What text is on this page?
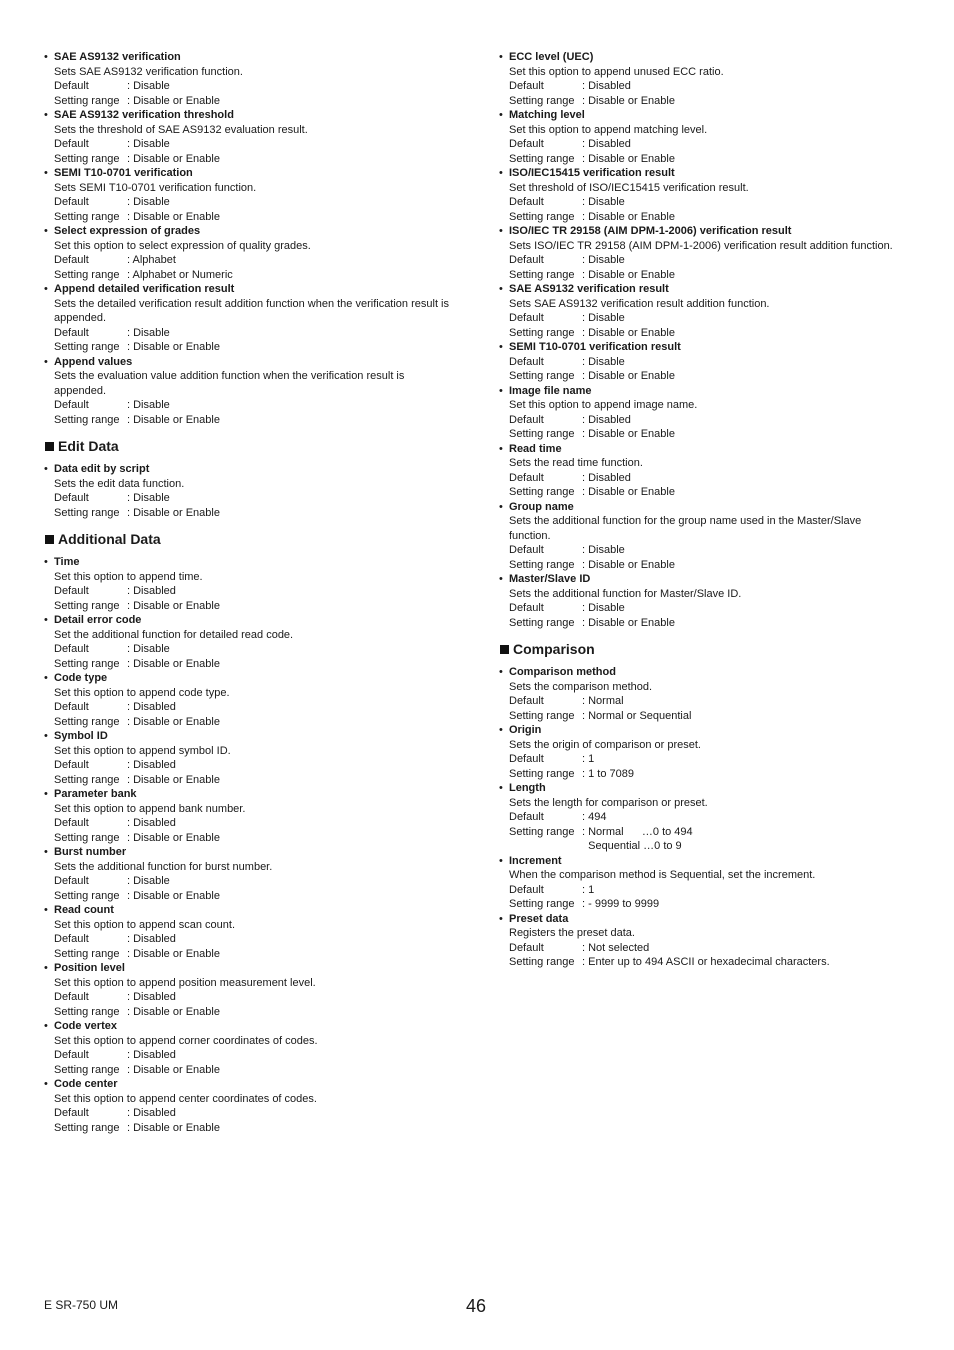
• SAE AS9132 verification
Sets SAE AS9132 verification function.
Default	: Disable
Setting range : Disable or Enable
• SAE AS9132 verification threshold
Sets the threshold of SAE AS9132 evaluation result.
Default	: Disable
Setting range : Disable or Enable
• SEMI T10-0701 verification
Sets SEMI T10-0701 verification function.
Default	: Disable
Setting range : Disable or Enable
• Select expression of grades
Set this option to select expression of quality grades.
Default	: Alphabet
Setting range : Alphabet or Numeric
• Append detailed verification result
Sets the detailed verification result addition function when the verification result is
appended.
Default	: Disable
Setting range : Disable or Enable
• Append values
Sets the evaluation value addition function when the verification result is
appended.
Default	: Disable
Setting range : Disable or Enable
Edit Data
• Data edit by script
Sets the edit data function.
Default	: Disable
Setting range : Disable or Enable
Additional Data
• Time
Set this option to append time.
Default	: Disabled
Setting range : Disable or Enable
• Detail error code
Set the additional function for detailed read code.
Default	: Disable
Setting range : Disable or Enable
• Code type
Set this option to append code type.
Default	: Disabled
Setting range : Disable or Enable
• Symbol ID
Set this option to append symbol ID.
Default	: Disabled
Setting range : Disable or Enable
• Parameter bank
Set this option to append bank number.
Default	: Disabled
Setting range : Disable or Enable
• Burst number
Sets the additional function for burst number.
Default	: Disable
Setting range : Disable or Enable
• Read count
Set this option to append scan count.
Default	: Disabled
Setting range : Disable or Enable
• Position level
Set this option to append position measurement level.
Default	: Disabled
Setting range : Disable or Enable
• Code vertex
Set this option to append corner coordinates of codes.
Default	: Disabled
Setting range : Disable or Enable
• Code center
Set this option to append center coordinates of codes.
Default	: Disabled
Setting range : Disable or Enable
• ECC level (UEC)
Set this option to append unused ECC ratio.
Default	: Disabled
Setting range : Disable or Enable
• Matching level
Set this option to append matching level.
Default	: Disabled
Setting range : Disable or Enable
• ISO/IEC15415 verification result
Set threshold of ISO/IEC15415 verification result.
Default	: Disable
Setting range : Disable or Enable
• ISO/IEC TR 29158 (AIM DPM-1-2006) verification result
Sets ISO/IEC TR 29158 (AIM DPM-1-2006) verification result addition function.
Default	: Disable
Setting range : Disable or Enable
• SAE AS9132 verification result
Sets SAE AS9132 verification result addition function.
Default	: Disable
Setting range : Disable or Enable
• SEMI T10-0701 verification result
Default	: Disable
Setting range : Disable or Enable
• Image file name
Set this option to append image name.
Default	: Disabled
Setting range : Disable or Enable
• Read time
Sets the read time function.
Default	: Disabled
Setting range : Disable or Enable
• Group name
Sets the additional function for the group name used in the Master/Slave
function.
Default	: Disable
Setting range : Disable or Enable
• Master/Slave ID
Sets the additional function for Master/Slave ID.
Default	: Disable
Setting range : Disable or Enable
Comparison
• Comparison method
Sets the comparison method.
Default	: Normal
Setting range : Normal or Sequential
• Origin
Sets the origin of comparison or preset.
Default	: 1
Setting range : 1 to 7089
• Length
Sets the length for comparison or preset.
Default	: 494
Setting range : Normal      …0 to 494
Sequential …0 to 9
• Increment
When the comparison method is Sequential, set the increment.
Default	: 1
Setting range : - 9999 to 9999
• Preset data
Registers the preset data.
Default	: Not selected
Setting range : Enter up to 494 ASCII or hexadecimal characters.
E SR-750 UM	46
